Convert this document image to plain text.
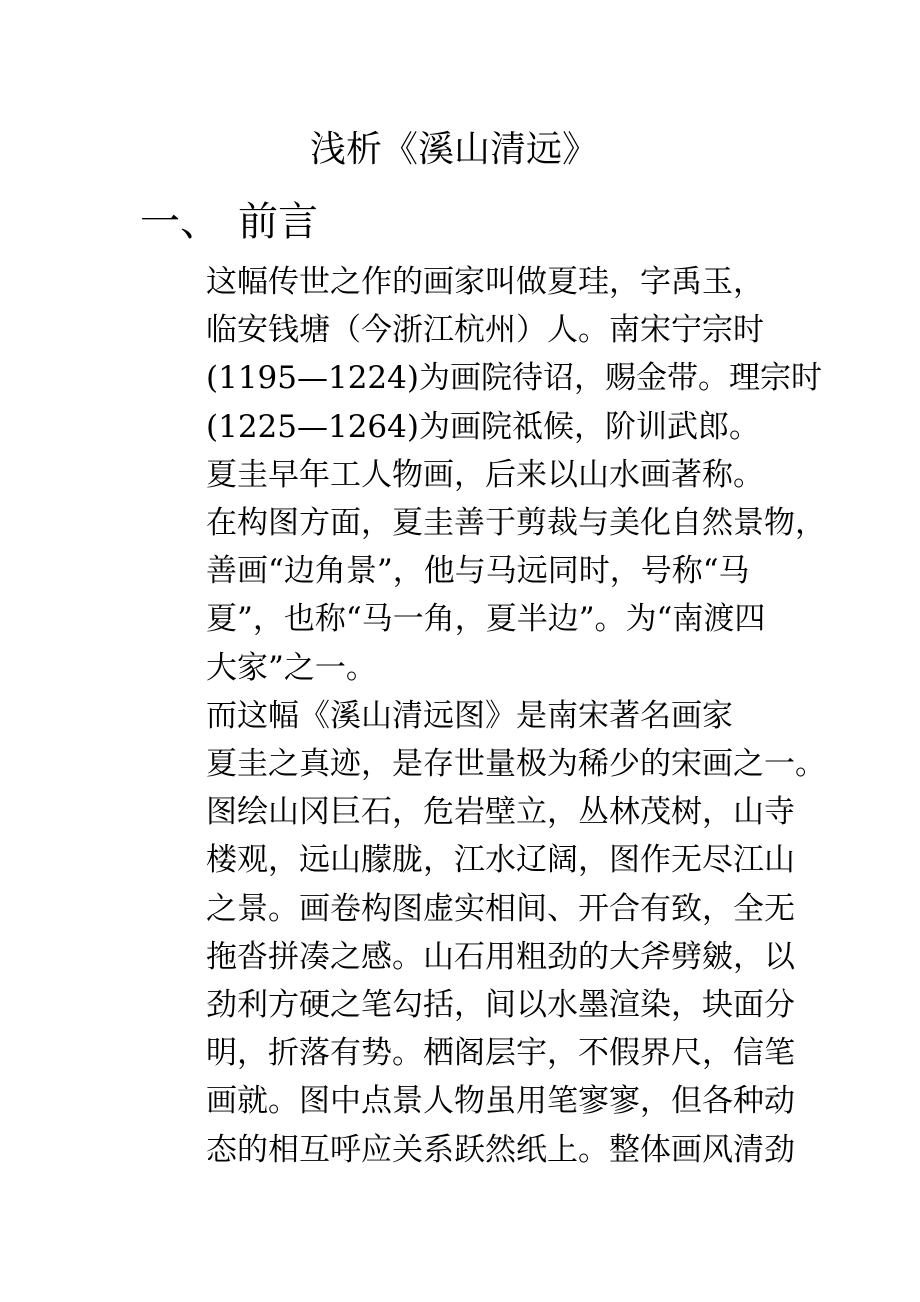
浅析《溪山清远》
一、 前言

这幅传世之作的画家叫做夏珪，字禹玉，
临安钱塘（今浙江杭州）人。南宋宁宗时
(1195—1224)为画院待诏，赐金带。理宗时
(1225—1264)为画院祗候，阶训武郎。

夏圭早年工人物画，后来以山水画著称。
在构图方面，夏圭善于剪裁与美化自然景物，
善画“边角景”，他与马远同时，号称“马
夏”，也称“马一角，夏半边”。为“南渡四
大家”之一。

而这幅《溪山清远图》是南宋著名画家
夏圭之真迹，是存世量极为稀少的宋画之一。
图绘山冈巨石，危岩壁立，丛林茂树，山寺
楼观，远山朦胧，江水辽阔，图作无尽江山
之景。画卷构图虚实相间、开合有致，全无
拖沓拼凑之感。山石用粗劲的大斧劈皴，以
劲利方硬之笔勾括，间以水墨渲染，块面分
明，折落有势。栖阁层宇，不假界尺，信笔
画就。图中点景人物虽用笔寥寥，但各种动
态的相互呼应关系跃然纸上。整体画风清劲
